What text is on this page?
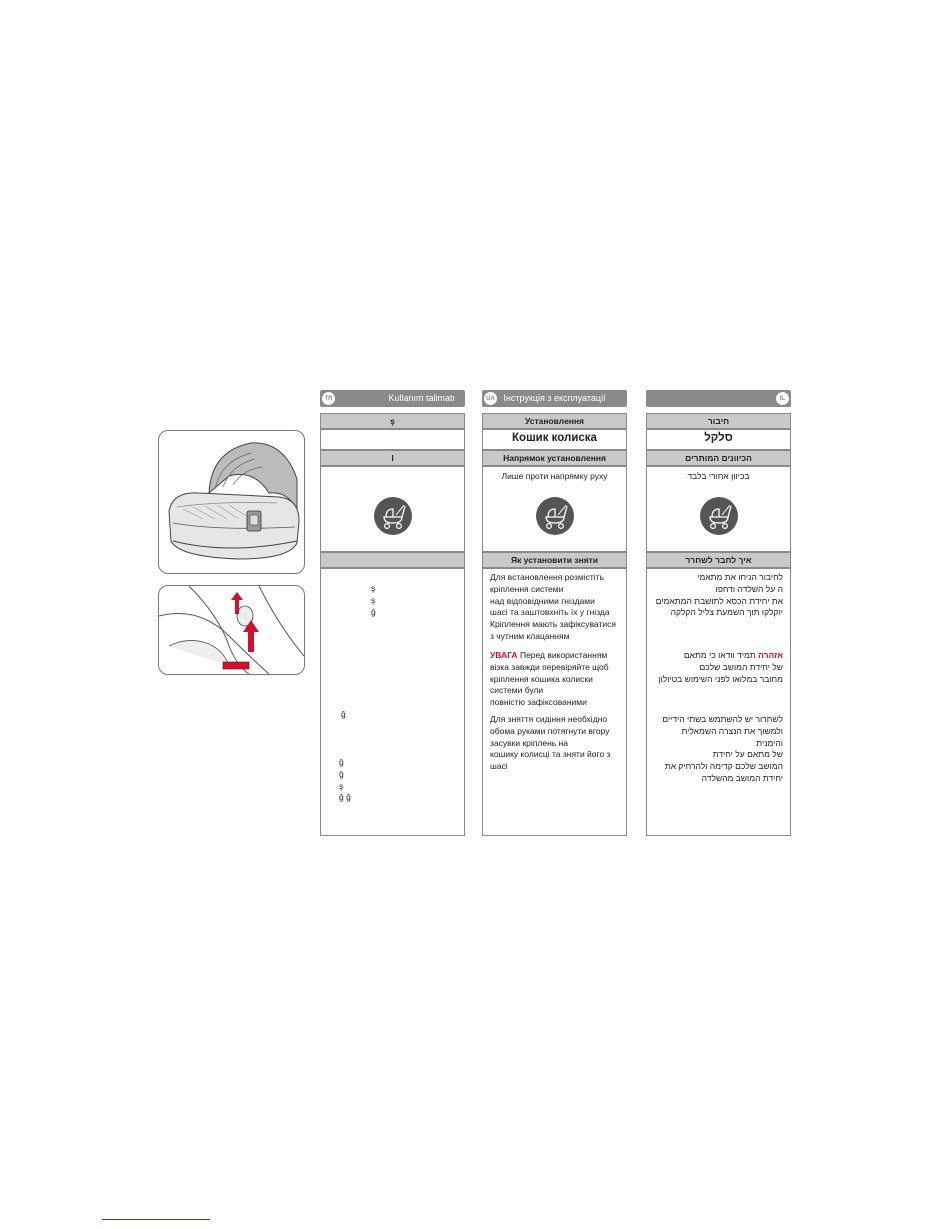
TR	Kullanım talimatı
ş
l
ş
ş
ğ
ğ
ğ
ğ
ş
ğ ğ
UA Інструкція з експлуатації
Установлення
Кошик колиска
Напрямок установлення
Лише проти напрямку руху
Як установити зняти
Для встановлення розмістіть
кріплення системи
над відповідними гніздами
шасі та заштовхніть їх у гнізда
Кріплення мають зафіксуватися
з чутним клацанням
УВАГА Перед використанням
візка завжди перевіряйте щоб
кріплення кошика колиски
системи були
повністю зафіксованими
Для зняття сидіння необхідно
обома руками потягнути вгору
засувки кріплень на
кошику колисці та зняти його з
шасі
IL
חיבור
סלקל
הכיוונים המותרים
בכיוון אחורי בלבד
איך לחבר לשחרר
לחיבור הניחו את מתאמי
ה על השלדה ודחפו
את יחידת הכסא לתושבת המתאמים
יוקלקו תוך השמעת צליל הקלקה
אזהרה תמיד וודאו כי מתאם
של יחידת המושב שלכם
מחובר במלואו לפני השימוש בטיולון
לשחרור יש להשתמש בשתי הידיים
ולמשוך את הנצרה השמאלית והימנית
של מתאם על יחידת
המושב שלכם קדימה ולהרחיק את
יחידת המושב מהשלדה
